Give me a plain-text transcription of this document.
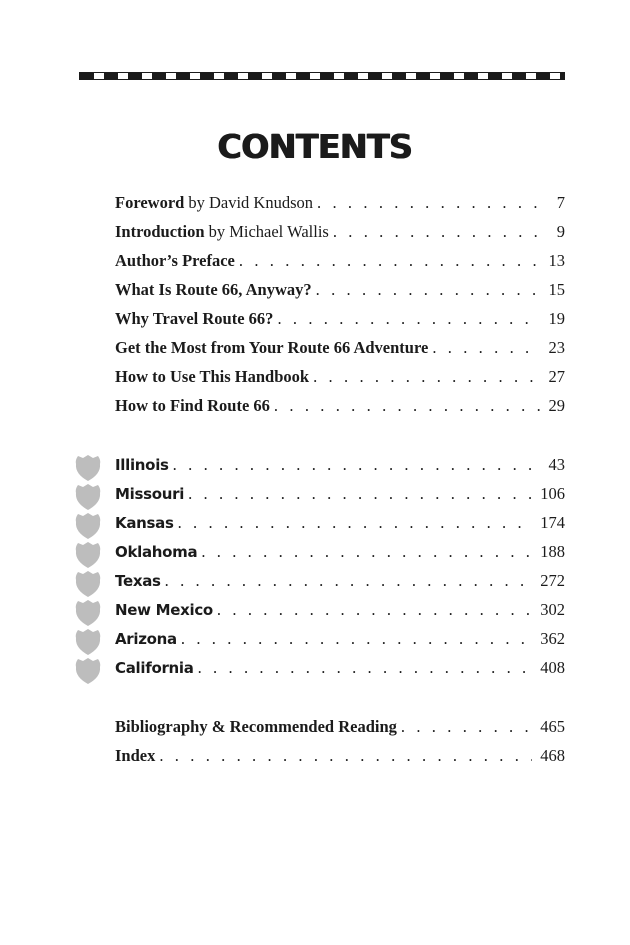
CONTENTS
Foreword by David Knudson . . .	7
Introduction by Michael Wallis . . .	9
Author’s Preface . . .	13
What Is Route 66, Anyway? . . .	15
Why Travel Route 66? . . .	19
Get the Most from Your Route 66 Adventure . . .	23
How to Use This Handbook . . .	27
How to Find Route 66 . . .	29
Illinois . . .	43
Missouri . . .	106
Kansas . . .	174
Oklahoma . . .	188
Texas . . .	272
New Mexico . . .	302
Arizona . . .	362
California . . .	408
Bibliography & Recommended Reading . . .	465
Index . . .	468
